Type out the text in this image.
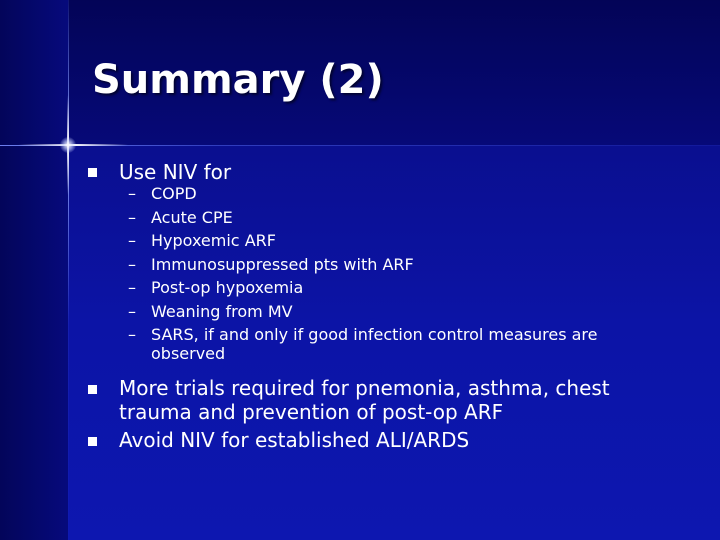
Summary (2)
Use NIV for
– COPD
– Acute CPE
– Hypoxemic ARF
– Immunosuppressed pts with ARF
– Post-op hypoxemia
– Weaning from MV
– SARS, if and only if good infection control measures are
observed
More trials required for pnemonia, asthma, chest
trauma and prevention of post-op ARF
Avoid NIV for established ALI/ARDS
